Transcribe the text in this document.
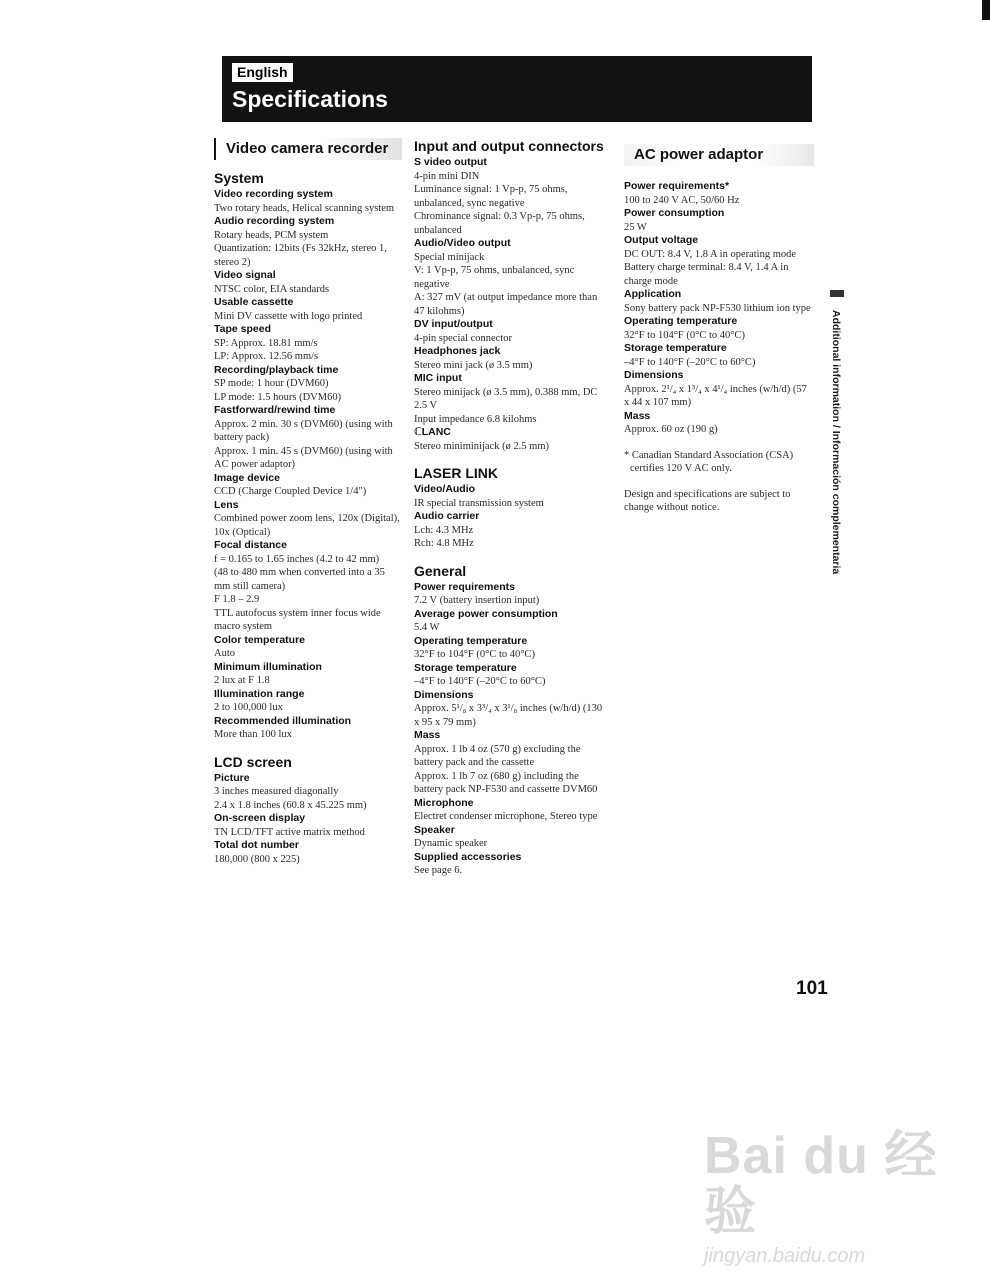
English
Specifications
Video camera recorder
System
Video recording system
Two rotary heads, Helical scanning system
Audio recording system
Rotary heads, PCM system
Quantization: 12bits (Fs 32kHz, stereo 1, stereo 2)
Video signal
NTSC color, EIA standards
Usable cassette
Mini DV cassette with logo printed
Tape speed
SP: Approx. 18.81 mm/s
LP: Approx. 12.56 mm/s
Recording/playback time
SP mode: 1 hour (DVM60)
LP mode: 1.5 hours (DVM60)
Fastforward/rewind time
Approx. 2 min. 30 s (DVM60) (using with battery pack)
Approx. 1 min. 45 s (DVM60) (using with AC power adaptor)
Image device
CCD (Charge Coupled Device 1/4")
Lens
Combined power zoom lens, 120x (Digital), 10x (Optical)
Focal distance
f = 0.165 to 1.65 inches (4.2 to 42 mm)
(48 to 480 mm when converted into a 35 mm still camera)
F 1.8 – 2.9
TTL autofocus system inner focus wide macro system
Color temperature
Auto
Minimum illumination
2 lux at F 1.8
Illumination range
2 to 100,000 lux
Recommended illumination
More than 100 lux
LCD screen
Picture
3 inches measured diagonally
2.4 x 1.8 inches (60.8 x 45.225 mm)
On-screen display
TN LCD/TFT active matrix method
Total dot number
180,000 (800 x 225)
Input and output connectors
S video output
4-pin mini DIN
Luminance signal: 1 Vp-p, 75 ohms, unbalanced, sync negative
Chrominance signal: 0.3 Vp-p, 75 ohms, unbalanced
Audio/Video output
Special minijack
V: 1 Vp-p, 75 ohms, unbalanced, sync negative
A: 327 mV (at output impedance more than 47 kilohms)
DV input/output
4-pin special connector
Headphones jack
Stereo mini jack (ø 3.5 mm)
MIC input
Stereo minijack (ø 3.5 mm), 0.388 mm, DC 2.5 V
Input impedance 6.8 kilohms
ℂLANC
Stereo miniminijack (ø 2.5 mm)
LASER LINK
Video/Audio
IR special transmission system
Audio carrier
Lch: 4.3 MHz
Rch: 4.8 MHz
General
Power requirements
7.2 V (battery insertion input)
Average power consumption
5.4 W
Operating temperature
32°F to 104°F (0°C to 40°C)
Storage temperature
–4°F to 140°F (–20°C to 60°C)
Dimensions
Approx. 5¹/₈ x 3³/₄ x 3¹/₈ inches (w/h/d) (130 x 95 x 79 mm)
Mass
Approx. 1 lb 4 oz (570 g) excluding the battery pack and the cassette
Approx. 1 lb 7 oz (680 g) including the battery pack NP-F530 and cassette DVM60
Microphone
Electret condenser microphone, Stereo type
Speaker
Dynamic speaker
Supplied accessories
See page 6.
AC power adaptor
Power requirements*
100 to 240 V AC, 50/60 Hz
Power consumption
25 W
Output voltage
DC OUT: 8.4 V, 1.8 A in operating mode
Battery charge terminal: 8.4 V, 1.4 A in charge mode
Application
Sony battery pack NP-F530 lithium ion type
Operating temperature
32°F to 104°F (0°C to 40°C)
Storage temperature
–4°F to 140°F (–20°C to 60°C)
Dimensions
Approx. 2¹/₄ x 1³/₄ x 4¹/₄ inches (w/h/d) (57 x 44 x 107 mm)
Mass
Approx. 60 oz (190 g)
* Canadian Standard Association (CSA) certifies 120 V AC only.
Design and specifications are subject to change without notice.	Additional information / Información complementaria
101
Bai du 经验
jingyan.baidu.com
